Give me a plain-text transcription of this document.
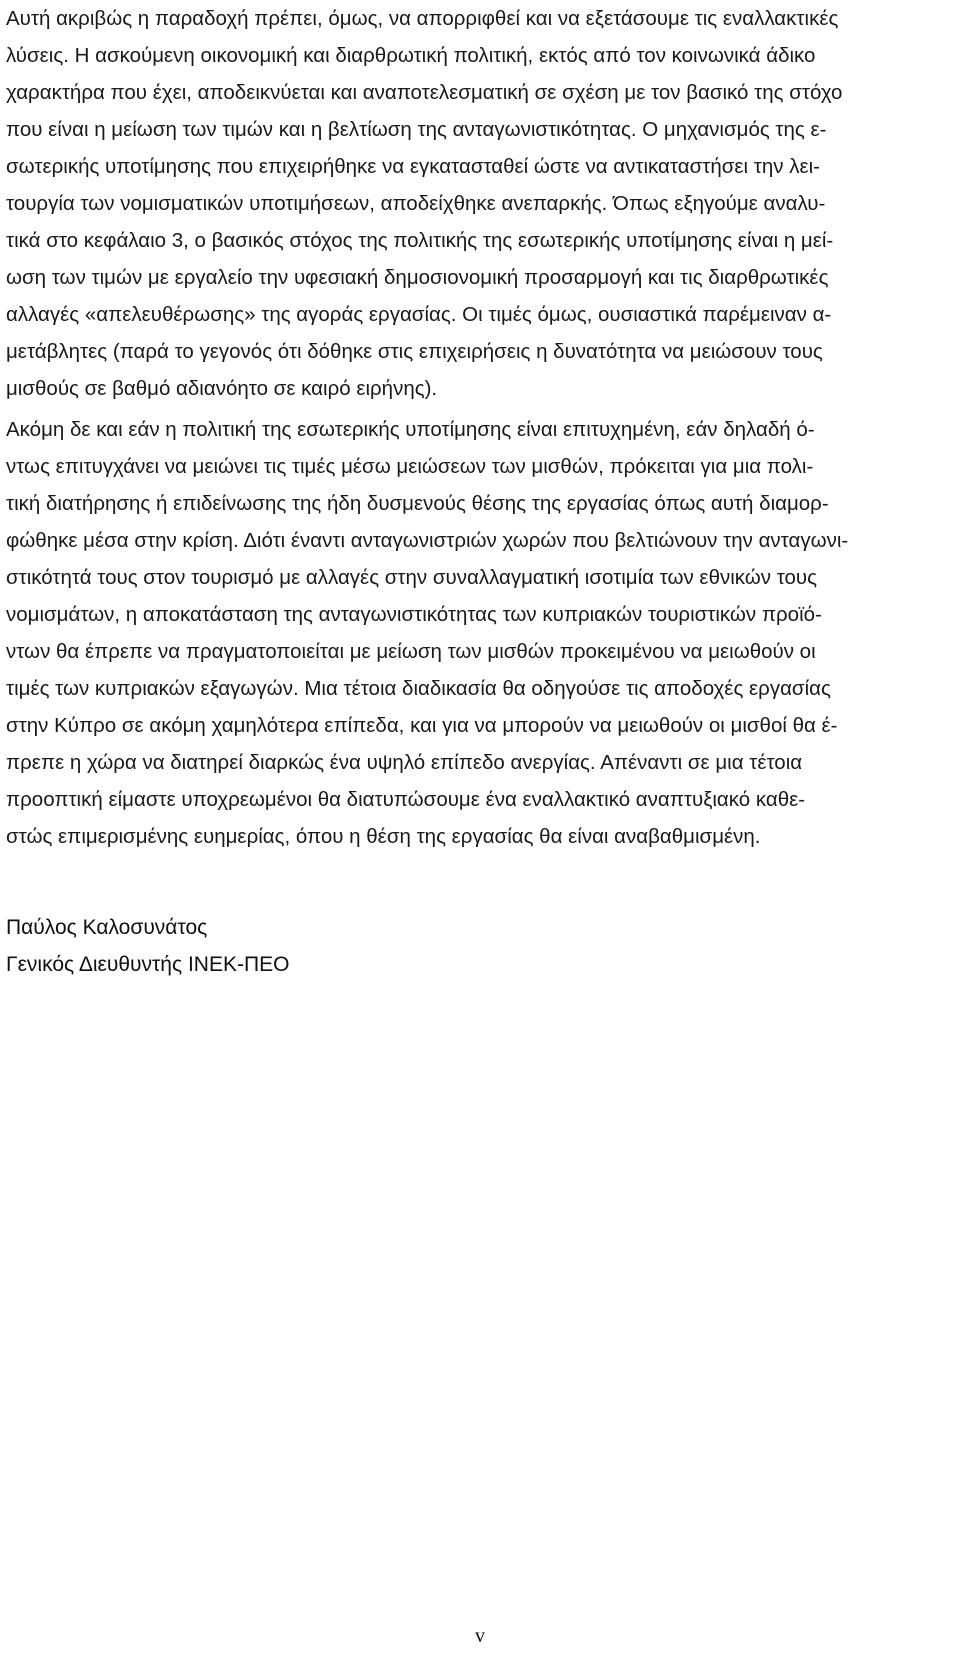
Αυτή ακριβώς η παραδοχή πρέπει, όμως, να απορριφθεί και να εξετάσουμε τις εναλλακτικές
λύσεις. Η ασκούμενη οικονομική και διαρθρωτική πολιτική, εκτός από τον κοινωνικά άδικο
χαρακτήρα που έχει, αποδεικνύεται και αναποτελεσματική σε σχέση με τον βασικό της στόχο
που είναι η μείωση των τιμών και η βελτίωση της ανταγωνιστικότητας. Ο μηχανισμός της ε-
σωτερικής υποτίμησης που επιχειρήθηκε να εγκατασταθεί ώστε να αντικαταστήσει την λει-
τουργία των νομισματικών υποτιμήσεων, αποδείχθηκε ανεπαρκής. Όπως εξηγούμε αναλυ-
τικά στο κεφάλαιο 3, ο βασικός στόχος της πολιτικής της εσωτερικής υποτίμησης είναι η μεί-
ωση των τιμών με εργαλείο την υφεσιακή δημοσιονομική προσαρμογή και τις διαρθρωτικές
αλλαγές «απελευθέρωσης» της αγοράς εργασίας. Οι τιμές όμως, ουσιαστικά παρέμειναν α-
μετάβλητες (παρά το γεγονός ότι δόθηκε στις επιχειρήσεις η δυνατότητα να μειώσουν τους
μισθούς σε βαθμό αδιανόητο σε καιρό ειρήνης).

Ακόμη δε και εάν η πολιτική της εσωτερικής υποτίμησης είναι επιτυχημένη, εάν δηλαδή ό-
ντως επιτυγχάνει να μειώνει τις τιμές μέσω μειώσεων των μισθών, πρόκειται για μια πολι-
τική διατήρησης ή επιδείνωσης της ήδη δυσμενούς θέσης της εργασίας όπως αυτή διαμορ-
φώθηκε μέσα στην κρίση. Διότι έναντι ανταγωνιστριών χωρών που βελτιώνουν την ανταγωνι-
στικότητά τους στον τουρισμό με αλλαγές στην συναλλαγματική ισοτιμία των εθνικών τους
νομισμάτων, η αποκατάσταση της ανταγωνιστικότητας των κυπριακών τουριστικών προϊό-
ντων θα έπρεπε να πραγματοποιείται με μείωση των μισθών προκειμένου να μειωθούν οι
τιμές των κυπριακών εξαγωγών. Μια τέτοια διαδικασία θα οδηγούσε τις αποδοχές εργασίας
στην Κύπρο σε ακόμη χαμηλότερα επίπεδα, και για να μπορούν να μειωθούν οι μισθοί θα έ-
πρεπε η χώρα να διατηρεί διαρκώς ένα υψηλό επίπεδο ανεργίας. Απέναντι σε μια τέτοια
προοπτική είμαστε υποχρεωμένοι θα διατυπώσουμε ένα εναλλακτικό αναπτυξιακό καθε-
στώς επιμερισμένης ευημερίας, όπου η θέση της εργασίας θα είναι αναβαθμισμένη.

Παύλος Καλοσυνάτος

Γενικός Διευθυντής ΙΝΕΚ-ΠΕΟ

v
